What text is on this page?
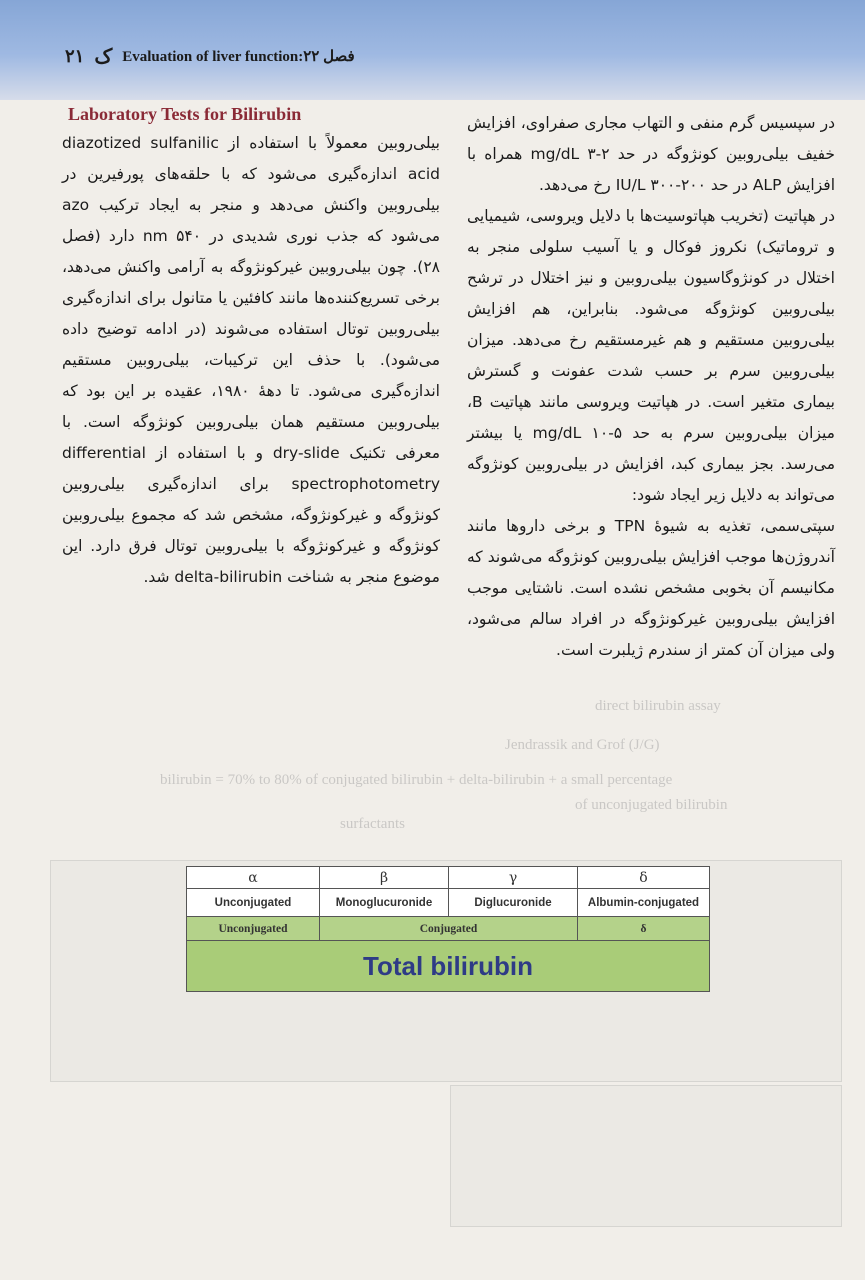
۲۱ ک Evaluation of liver function:۲۲ فصل
direct bilirubin assay
Jendrassik and Grof (J/G)
bilirubin = 70% to 80% of conjugated bilirubin + delta-bilirubin + a small percentage
of unconjugated bilirubin
surfactants
Laboratory Tests for Bilirubin

بیلی‌روبین معمولاً با استفاده از diazotized sulfanilic acid اندازه‌گیری می‌شود که با حلقه‌های پورفیرین در بیلی‌روبین واکنش می‌دهد و منجر به ایجاد ترکیب azo می‌شود که جذب نوری شدیدی در nm ۵۴۰ دارد (فصل ۲۸). چون بیلی‌روبین غیرکونژوگه به آرامی واکنش می‌دهد، برخی تسریع‌کننده‌ها مانند کافئین یا متانول برای اندازه‌گیری بیلی‌روبین توتال استفاده می‌شوند (در ادامه توضیح داده می‌شود). با حذف این ترکیبات، بیلی‌روبین مستقیم اندازه‌گیری می‌شود. تا دههٔ ۱۹۸۰، عقیده بر این بود که بیلی‌روبین مستقیم همان بیلی‌روبین کونژوگه است. با معرفی تکنیک dry-slide و با استفاده از differential spectrophotometry برای اندازه‌گیری بیلی‌روبین کونژوگه و غیرکونژوگه، مشخص شد که مجموع بیلی‌روبین کونژوگه و غیرکونژوگه با بیلی‌روبین توتال فرق دارد. این موضوع منجر به شناخت delta-bilirubin شد.

در سپسیس گرم منفی و التهاب مجاری صفراوی، افزایش خفیف بیلی‌روبین کونژوگه در حد mg/dL ۳-۲ همراه با افزایش ALP در حد IU/L ۳۰۰-۲۰۰ رخ می‌دهد.

در هپاتیت (تخریب هپاتوسیت‌ها با دلایل ویروسی، شیمیایی و تروماتیک) نکروز فوکال و یا آسیب سلولی منجر به اختلال در کونژوگاسیون بیلی‌روبین و نیز اختلال در ترشح بیلی‌روبین کونژوگه می‌شود. بنابراین، هم افزایش بیلی‌روبین مستقیم و هم غیرمستقیم رخ می‌دهد. میزان بیلی‌روبین سرم بر حسب شدت عفونت و گسترش بیماری متغیر است. در هپاتیت ویروسی مانند هپاتیت B، میزان بیلی‌روبین سرم به حد mg/dL ۱۰-۵ یا بیشتر می‌رسد. بجز بیماری کبد، افزایش در بیلی‌روبین کونژوگه می‌تواند به دلایل زیر ایجاد شود:

سپتی‌سمی، تغذیه به شیوهٔ TPN و برخی داروها مانند آندروژن‌ها موجب افزایش بیلی‌روبین کونژوگه می‌شوند که مکانیسم آن بخوبی مشخص نشده است. ناشتایی موجب افزایش بیلی‌روبین غیرکونژوگه در افراد سالم می‌شود، ولی میزان آن کمتر از سندرم ژیلبرت است.

α	β	γ	δ
Unconjugated	Monoglucuronide	Diglucuronide	Albumin-conjugated
Unconjugated	Conjugated	δ
Total bilirubin
